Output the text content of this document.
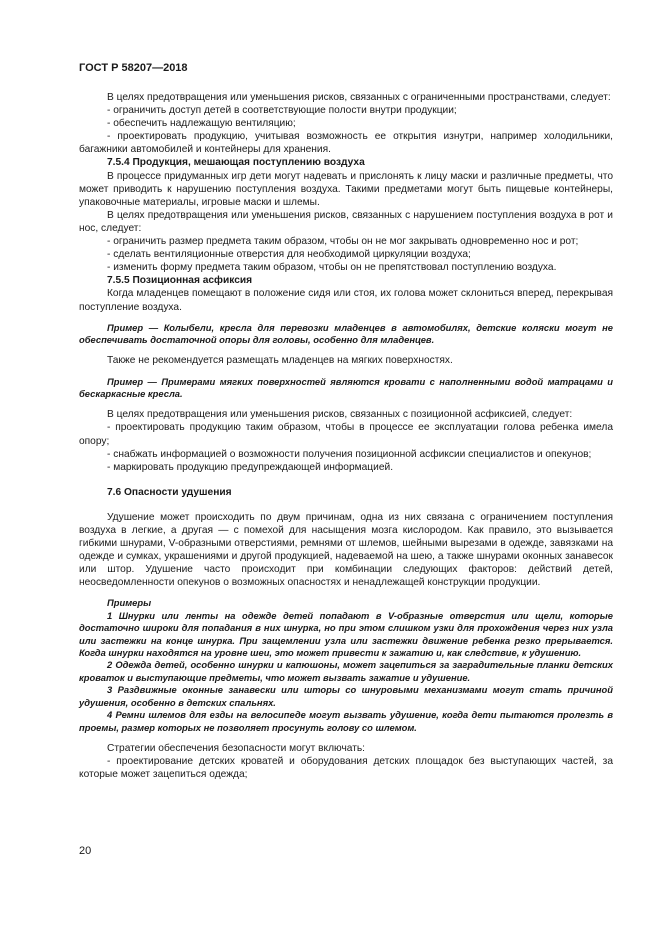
ГОСТ Р 58207—2018

В целях предотвращения или уменьшения рисков, связанных с ограниченными пространствами, следует:

- ограничить доступ детей в соответствующие полости внутри продукции;

- обеспечить надлежащую вентиляцию;

- проектировать продукцию, учитывая возможность ее открытия изнутри, например холодильники, багажники автомобилей и контейнеры для хранения.

7.5.4 Продукция, мешающая поступлению воздуха

В процессе придуманных игр дети могут надевать и прислонять к лицу маски и различные предметы, что может приводить к нарушению поступления воздуха. Такими предметами могут быть пищевые контейнеры, упаковочные материалы, игровые маски и шлемы.

В целях предотвращения или уменьшения рисков, связанных с нарушением поступления воздуха в рот и нос, следует:

- ограничить размер предмета таким образом, чтобы он не мог закрывать одновременно нос и рот;

- сделать вентиляционные отверстия для необходимой циркуляции воздуха;

- изменить форму предмета таким образом, чтобы он не препятствовал поступлению воздуха.

7.5.5 Позиционная асфиксия

Когда младенцев помещают в положение сидя или стоя, их голова может склониться вперед, перекрывая поступление воздуха.

Пример — Колыбели, кресла для перевозки младенцев в автомобилях, детские коляски могут не обеспечивать достаточной опоры для головы, особенно для младенцев.

Также не рекомендуется размещать младенцев на мягких поверхностях.

Пример — Примерами мягких поверхностей являются кровати с наполненными водой матрацами и бескаркасные кресла.

В целях предотвращения или уменьшения рисков, связанных с позиционной асфиксией, следует:

- проектировать продукцию таким образом, чтобы в процессе ее эксплуатации голова ребенка имела опору;

- снабжать информацией о возможности получения позиционной асфиксии специалистов и опекунов;

- маркировать продукцию предупреждающей информацией.

7.6 Опасности удушения

Удушение может происходить по двум причинам, одна из них связана с ограничением поступления воздуха в легкие, а другая — с помехой для насыщения мозга кислородом. Как правило, это вызывается гибкими шнурами, V-образными отверстиями, ремнями от шлемов, шейными вырезами в одежде, завязками на одежде и сумках, украшениями и другой продукцией, надеваемой на шею, а также шнурами оконных занавесок или штор. Удушение часто происходит при комбинации следующих факторов: действий детей, неосведомленности опекунов о возможных опасностях и ненадлежащей конструкции продукции.

Примеры

1 Шнурки или ленты на одежде детей попадают в V-образные отверстия или щели, которые достаточно широки для попадания в них шнурка, но при этом слишком узки для прохождения через них узла или застежки на конце шнурка. При защемлении узла или застежки движение ребенка резко прерывается. Когда шнурки находятся на уровне шеи, это может привести к зажатию и, как следствие, к удушению.

2 Одежда детей, особенно шнурки и капюшоны, может зацепиться за заградительные планки детских кроваток и выступающие предметы, что может вызвать зажатие и удушение.

3 Раздвижные оконные занавески или шторы со шнуровыми механизмами могут стать причиной удушения, особенно в детских спальнях.

4 Ремни шлемов для езды на велосипеде могут вызвать удушение, когда дети пытаются пролезть в проемы, размер которых не позволяет просунуть голову со шлемом.

Стратегии обеспечения безопасности могут включать:

- проектирование детских кроватей и оборудования детских площадок без выступающих частей, за которые может зацепиться одежда;

20
